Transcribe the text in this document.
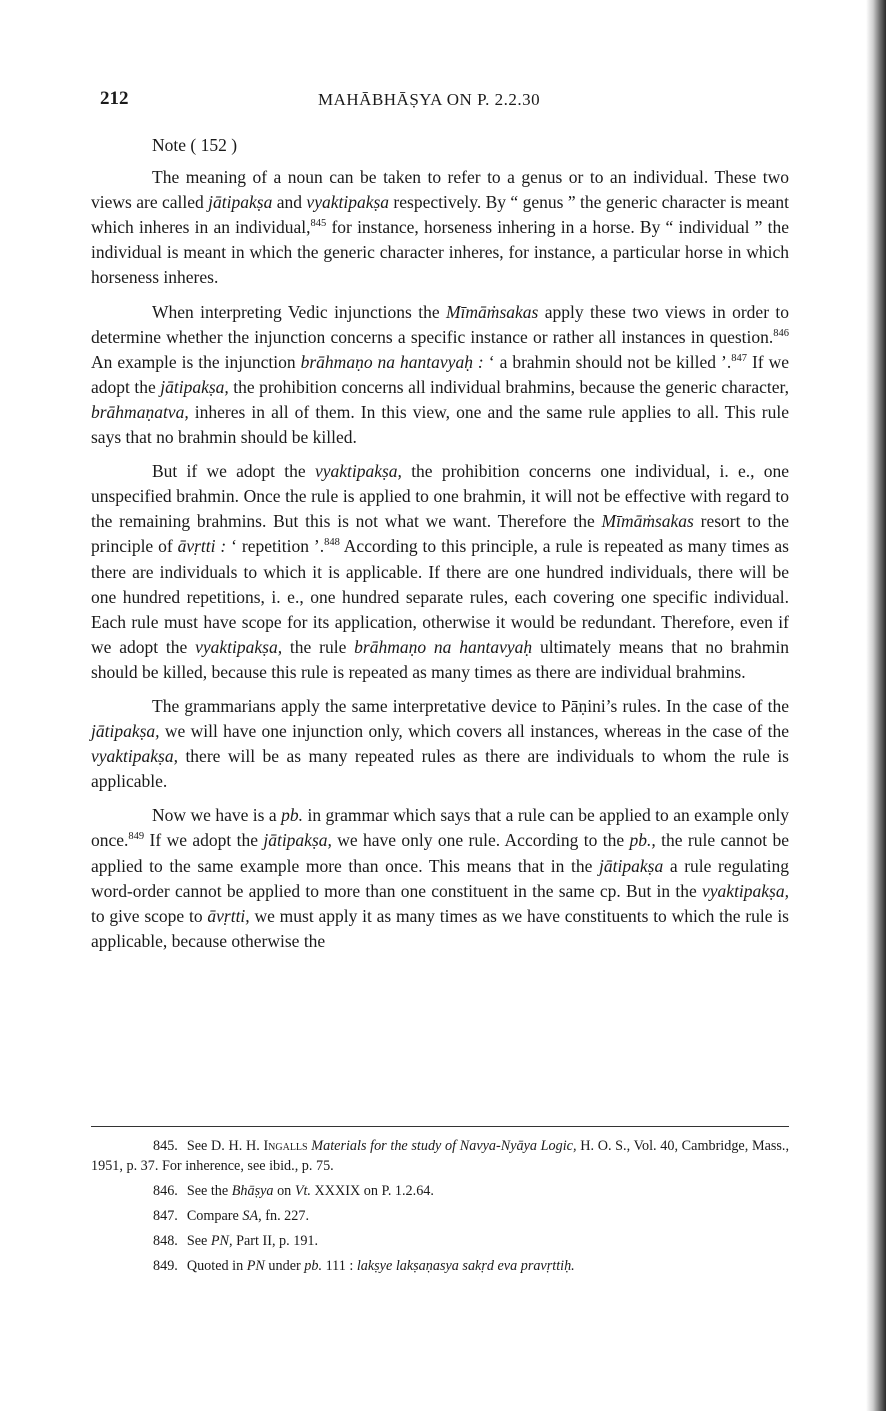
212	MAHĀBHĀṢYA ON P. 2.2.30

Note ( 152 )

The meaning of a noun can be taken to refer to a genus or to an individual. These two views are called jātipakṣa and vyaktipakṣa respectively. By “ genus ” the generic character is meant which inheres in an individual,$^{845}$ for instance, horseness inhering in a horse. By “ individual ” the individual is meant in which the generic character inheres, for instance, a particular horse in which horseness inheres.

When interpreting Vedic injunctions the Mīmāṁsakas apply these two views in order to determine whether the injunction concerns a specific instance or rather all instances in question.$^{846}$ An example is the injunction brāhmaṇo na hantavyaḥ : ‘ a brahmin should not be killed ’.$^{847}$ If we adopt the jātipakṣa, the prohibition concerns all individual brahmins, because the generic character, brāhmaṇatva, inheres in all of them. In this view, one and the same rule applies to all. This rule says that no brahmin should be killed.

But if we adopt the vyaktipakṣa, the prohibition concerns one individual, i. e., one unspecified brahmin. Once the rule is applied to one brahmin, it will not be effective with regard to the remaining brahmins. But this is not what we want. Therefore the Mīmāṁsakas resort to the principle of āvṛtti : ‘ repetition ’.$^{848}$ According to this principle, a rule is repeated as many times as there are individuals to which it is applicable. If there are one hundred individuals, there will be one hundred repetitions, i. e., one hundred separate rules, each covering one specific individual. Each rule must have scope for its application, otherwise it would be redundant. Therefore, even if we adopt the vyaktipakṣa, the rule brāhmaṇo na hantavyaḥ ultimately means that no brahmin should be killed, because this rule is repeated as many times as there are individual brahmins.

The grammarians apply the same interpretative device to Pāṇini’s rules. In the case of the jātipakṣa, we will have one injunction only, which covers all instances, whereas in the case of the vyaktipakṣa, there will be as many repeated rules as there are individuals to whom the rule is applicable.

Now we have is a pb. in grammar which says that a rule can be applied to an example only once.$^{849}$ If we adopt the jātipakṣa, we have only one rule. According to the pb., the rule cannot be applied to the same example more than once. This means that in the jātipakṣa a rule regulating word-order cannot be applied to more than one constituent in the same cp. But in the vyaktipakṣa, to give scope to āvṛtti, we must apply it as many times as we have constituents to which the rule is applicable, because otherwise the

845. See D. H. H. Ingalls Materials for the study of Navya-Nyāya Logic, H. O. S., Vol. 40, Cambridge, Mass., 1951, p. 37. For inherence, see ibid., p. 75.

846. See the Bhāṣya on Vt. XXXIX on P. 1.2.64.

847. Compare SA, fn. 227.

848. See PN, Part II, p. 191.

849. Quoted in PN under pb. 111 : lakṣye lakṣaṇasya sakṛd eva pravṛttiḥ.
